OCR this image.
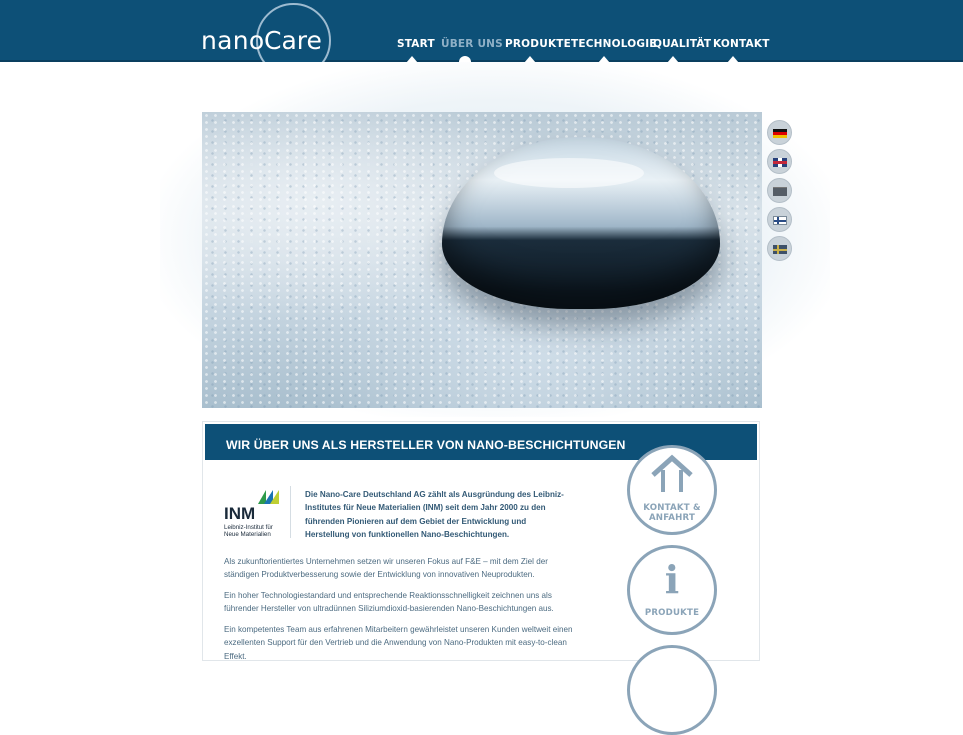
nano Care	START ÜBER UNS PRODUKTE TECHNOLOGIE
QUALITÄT KONTAKT
WIR ÜBER UNS ALS HERSTELLER VON NANO-BESCHICHTUNGEN
INM
Leibniz-Institut für
Neue Materialien

Die Nano-Care Deutschland AG zählt als Ausgründung des Leibniz-Institutes für Neue Materialien (INM) seit dem Jahr 2000 zu den führenden Pionieren auf dem Gebiet der Entwicklung und Herstellung von funktionellen Nano-Beschichtungen.

Als zukunftorientiertes Unternehmen setzen wir unseren Fokus auf F&E – mit dem Ziel der ständigen Produktverbesserung sowie der Entwicklung von innovativen Neuprodukten.

Ein hoher Technologiestandard und entsprechende Reaktionsschnelligkeit zeichnen uns als führender Hersteller von ultradünnen Siliziumdioxid-basierenden Nano-Beschichtungen aus.

Ein kompetentes Team aus erfahrenen Mitarbeitern gewährleistet unseren Kunden weltweit einen exzellenten Support für den Vertrieb und die Anwendung von Nano-Produkten mit easy-to-clean Effekt.

KONTAKT &
ANFAHRT
i
PRODUKTE
